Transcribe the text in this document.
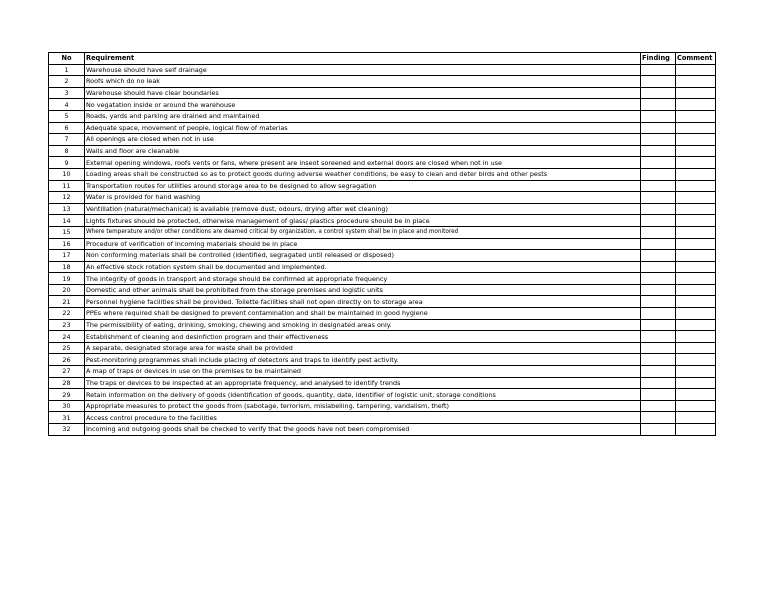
No	Requirement	Finding	Comment
1	Warehouse should have self drainage		
2	Roofs which do no leak		
3	Warehouse should have clear boundaries		
4	No vegatation inside or around the warehouse		
5	Roads, yards and parking are drained and maintained		
6	Adequate space, movement of people, logical flow of materias		
7	All openings are closed when not in use		
8	Walls and floor are cleanable		
9	External opening windows, roofs vents or fans, where present are inseot soreened and external doors are closed when not in use		
10	Loading areas shall be constructed so as to protect goods during adverse weather conditions, be easy to clean and deter birds and other pests		
11	Transportation routes for utilities around storage area to be designed to allow segragation		
12	Water is provided for hand washing		
13	Ventillation (natural/mechanical) is available (remove dust, odours, drying after wet cleaning)		
14	Lights fixtures should be protected, otherwise management of glass/ plastics procedure should be in place		
15	Where temperature and/or other conditions are deamed critical by organization, a control system shall be in place and monitored		
16	Procedure of verification of incoming materials should be in place		
17	Non conforming materials shall be controlled (identified, segragated until released or disposed)		
18	An effective stock rotation system shall be documented and implemented.		
19	The integrity of goods in transport and storage should be confirmed at appropriate frequency		
20	Domestic and other animals shall be prohibited from the storage premises and logistic units		
21	Personnel hygiene facilities shall be provided. Toilette facilities shall not open directly on to storage area		
22	PPEs where required shall be designed to prevent contamination and shall be maintained in good hygiene		
23	The permissibility of eating, drinking, smoking, chewing and smoking in designated areas only.		
24	Establishment of cleaning and desinfiction program and their effectiveness		
25	A separate, designated storage area for waste shall be provided		
26	Pest-monitoring programmes shall include placing of detectors and traps to identify pest activity.		
27	A map of traps or devices in use on the premises to be maintained		
28	The traps or devices to be inspected at an appropriate frequency, and analysed to identify trends		
29	Retain information on the delivery of goods (identification of goods, quantity, date, identifier of logistic unit, storage conditions		
30	Appropriate measures to protect the goods from (sabotage, terrorism, mislabelling, tampering, vandalism, theft)		
31	Access control procedure to the facilities		
32	Incoming and outgoing goods shall be checked to verify that the goods have not been compromised		
